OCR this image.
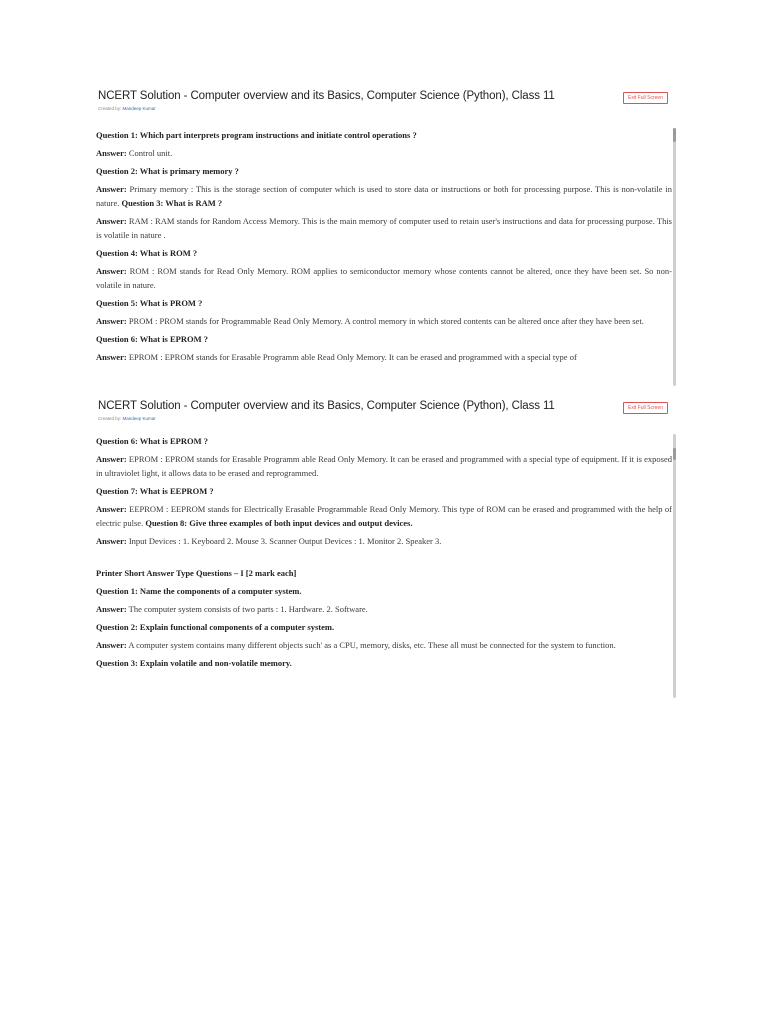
NCERT Solution - Computer overview and its Basics, Computer Science (Python), Class 11
Created by: Mandeep Kumar
Exit Full Screen

Question 1: Which part interprets program instructions and initiate control operations ?

Answer: Control unit.

Question 2: What is primary memory ?

Answer: Primary memory : This is the storage section of computer which is used to store data or instructions or both for processing purpose. This is non-volatile in nature. Question 3: What is RAM ?

Answer: RAM : RAM stands for Random Access Memory. This is the main memory of computer used to retain user's instructions and data for processing purpose. This is volatile in nature .

Question 4: What is ROM ?

Answer: ROM : ROM stands for Read Only Memory. ROM applies to semiconductor memory whose contents cannot be altered, once they have been set. So non-volatile in nature.

Question 5: What is PROM ?

Answer: PROM : PROM stands for Programmable Read Only Memory. A control memory in which stored contents can be altered once after they have been set.

Question 6: What is EPROM ?

Answer: EPROM : EPROM stands for Erasable Programm able Read Only Memory. It can be erased and programmed with a special type of

NCERT Solution - Computer overview and its Basics, Computer Science (Python), Class 11
Created by: Mandeep Kumar
Exit Full Screen

Question 6: What is EPROM ?

Answer: EPROM : EPROM stands for Erasable Programm able Read Only Memory. It can be erased and programmed with a special type of equipment. If it is exposed in ultraviolet light, it allows data to be erased and reprogrammed.

Question 7: What is EEPROM ?

Answer: EEPROM : EEPROM stands for Electrically Erasable Programmable Read Only Memory. This type of ROM can be erased and programmed with the help of electric pulse. Question 8: Give three examples of both input devices and output devices.

Answer: Input Devices : 1. Keyboard 2. Mouse 3. Scanner Output Devices : 1. Monitor 2. Speaker 3.

Printer Short Answer Type Questions – I [2 mark each]

Question 1: Name the components of a computer system.

Answer: The computer system consists of two parts : 1. Hardware. 2. Software.

Question 2: Explain functional components of a computer system.

Answer: A computer system contains many different objects such' as a CPU, memory, disks, etc. These all must be connected for the system to function.

Question 3: Explain volatile and non-volatile memory.
